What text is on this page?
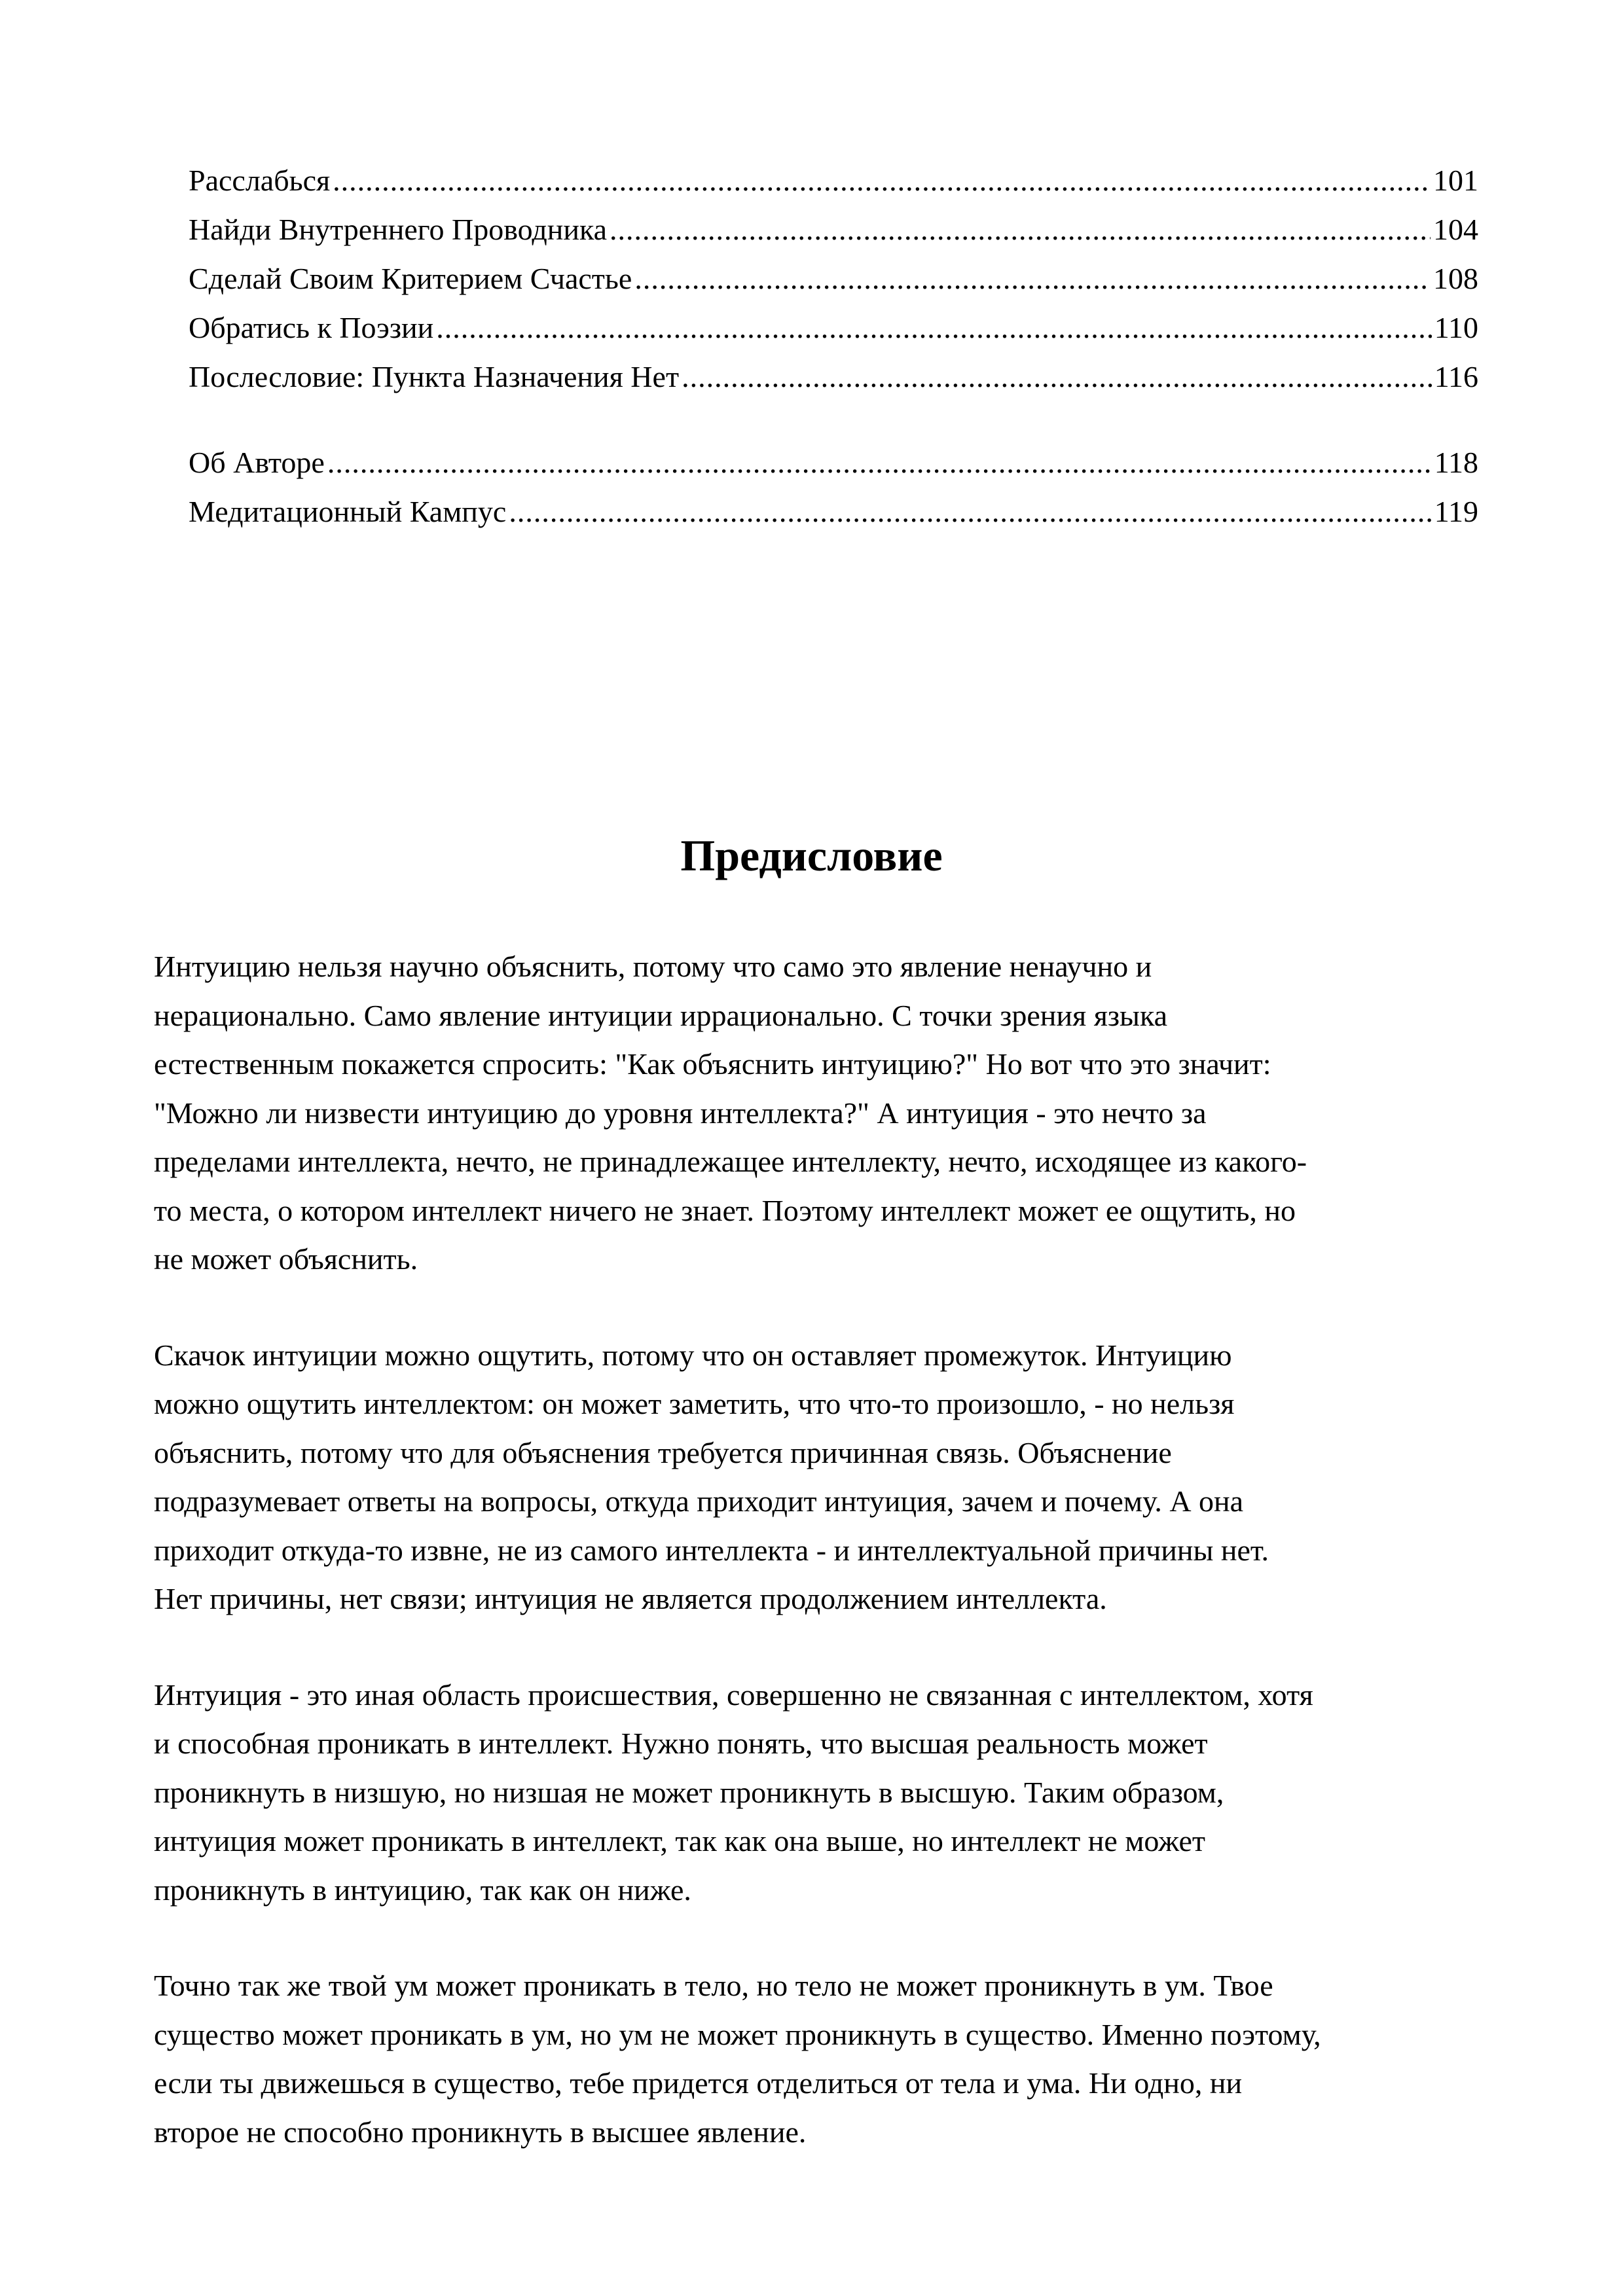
Расслабься .....	101
Найди Внутреннего Проводника .....	104
Сделай Своим Критерием Счастье .....	108
Обратись к Поэзии .....	110
Послесловие: Пункта Назначения Нет .....	116
Об Авторе .....	118
Медитационный Кампус .....	119
Предисловие

Интуицию нельзя научно объяснить, потому что само это явление ненаучно и
нерационально. Само явление интуиции иррационально. С точки зрения языка
естественным покажется спросить: "Как объяснить интуицию?" Но вот что это значит:
"Можно ли низвести интуицию до уровня интеллекта?" А интуиция - это нечто за
пределами интеллекта, нечто, не принадлежащее интеллекту, нечто, исходящее из какого-
то места, о котором интеллект ничего не знает. Поэтому интеллект может ее ощутить, но
не может объяснить.

Скачок интуиции можно ощутить, потому что он оставляет промежуток. Интуицию
можно ощутить интеллектом: он может заметить, что что-то произошло, - но нельзя
объяснить, потому что для объяснения требуется причинная связь. Объяснение
подразумевает ответы на вопросы, откуда приходит интуиция, зачем и почему. А она
приходит откуда-то извне, не из самого интеллекта - и интеллектуальной причины нет.
Нет причины, нет связи; интуиция не является продолжением интеллекта.

Интуиция - это иная область происшествия, совершенно не связанная с интеллектом, хотя
и способная проникать в интеллект. Нужно понять, что высшая реальность может
проникнуть в низшую, но низшая не может проникнуть в высшую. Таким образом,
интуиция может проникать в интеллект, так как она выше, но интеллект не может
проникнуть в интуицию, так как он ниже.

Точно так же твой ум может проникать в тело, но тело не может проникнуть в ум. Твое
существо может проникать в ум, но ум не может проникнуть в существо. Именно поэтому,
если ты движешься в существо, тебе придется отделиться от тела и ума. Ни одно, ни
второе не способно проникнуть в высшее явление.
